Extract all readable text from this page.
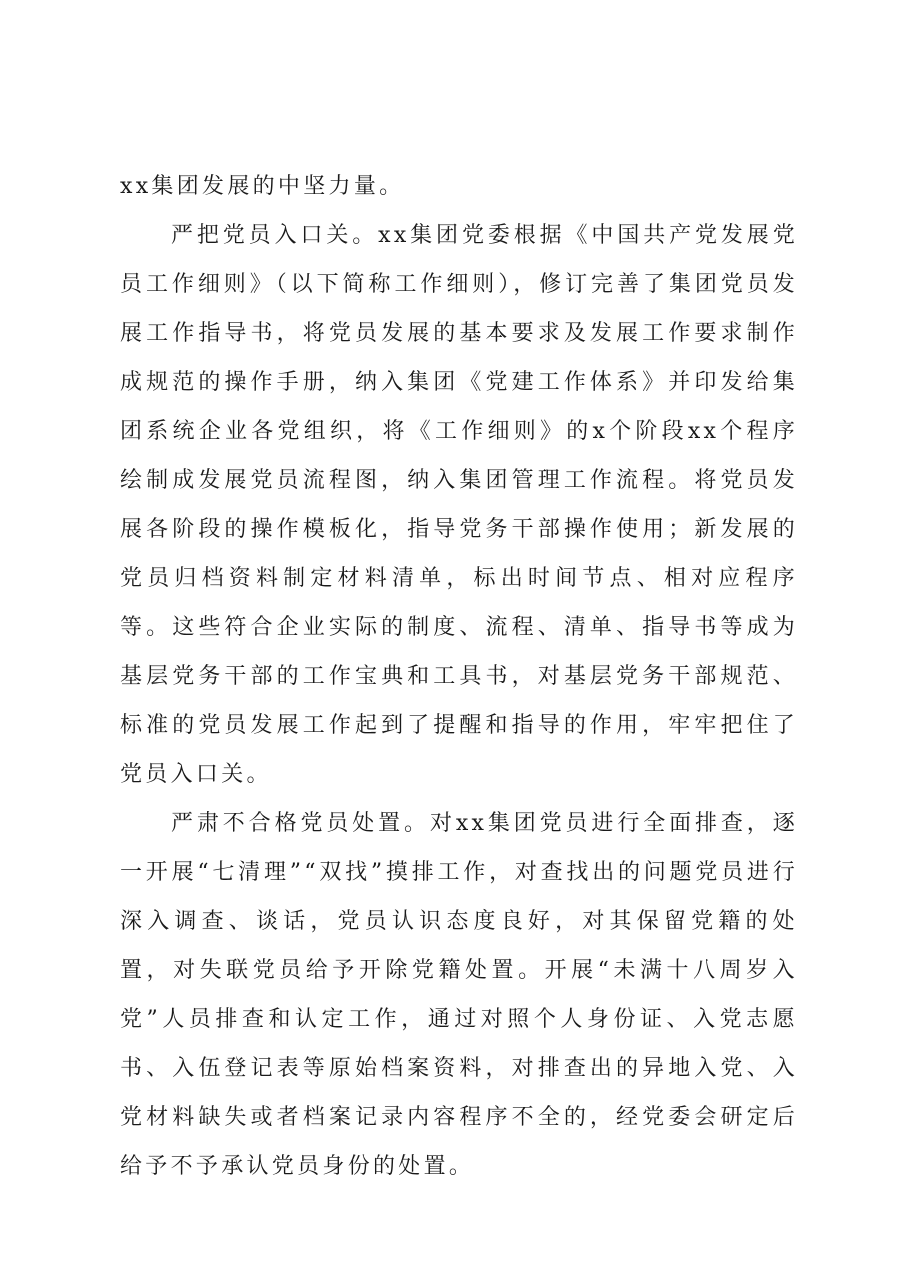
xx集团发展的中坚力量。

严把党员入口关。xx集团党委根据《中国共产党发展党员工作细则》（以下简称工作细则），修订完善了集团党员发展工作指导书，将党员发展的基本要求及发展工作要求制作成规范的操作手册，纳入集团《党建工作体系》并印发给集团系统企业各党组织，将《工作细则》的x个阶段xx个程序绘制成发展党员流程图，纳入集团管理工作流程。将党员发展各阶段的操作模板化，指导党务干部操作使用；新发展的党员归档资料制定材料清单，标出时间节点、相对应程序等。这些符合企业实际的制度、流程、清单、指导书等成为基层党务干部的工作宝典和工具书，对基层党务干部规范、标准的党员发展工作起到了提醒和指导的作用，牢牢把住了党员入口关。

严肃不合格党员处置。对xx集团党员进行全面排查，逐一开展“七清理”“双找”摸排工作，对查找出的问题党员进行深入调查、谈话，党员认识态度良好，对其保留党籍的处置，对失联党员给予开除党籍处置。开展“未满十八周岁入党”人员排查和认定工作，通过对照个人身份证、入党志愿书、入伍登记表等原始档案资料，对排查出的异地入党、入党材料缺失或者档案记录内容程序不全的，经党委会研定后给予不予承认党员身份的处置。
